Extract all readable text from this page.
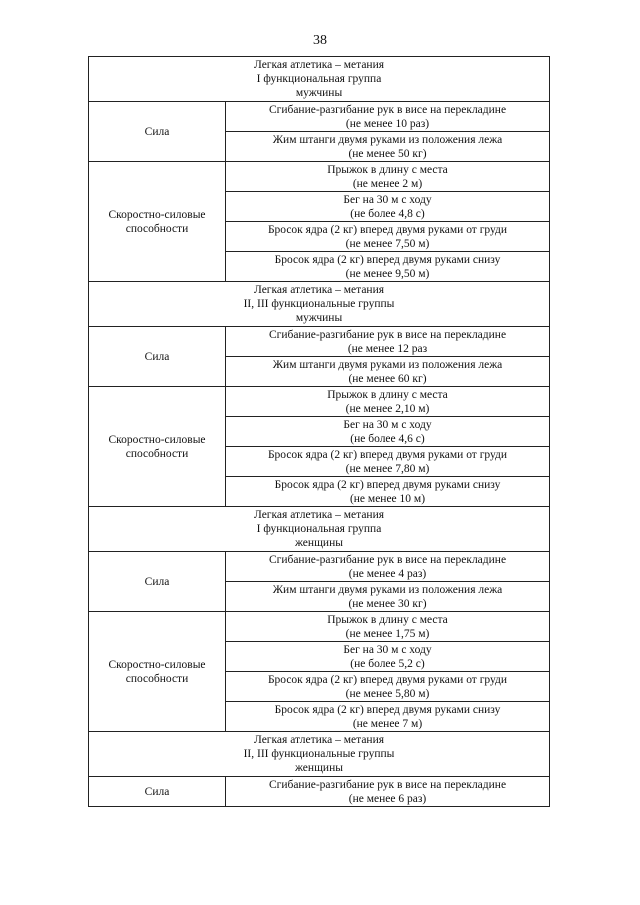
38
Легкая атлетика – метания
I функциональная группа
мужчины	

Сила	Сгибание-разгибание рук в висе на перекладине
(не менее 10 раз)

	Жим штанги двумя руками из положения лежа
(не менее 50 кг)

Скоростно-силовые
способности	Прыжок в длину с места
(не менее 2 м)

	Бег на 30 м с ходу
(не более 4,8 с)

	Бросок ядра (2 кг) вперед двумя руками от груди
(не менее 7,50 м)

	Бросок ядра (2 кг) вперед двумя руками снизу
(не менее 9,50 м)

Легкая атлетика – метания
II, III функциональные группы
мужчины	

Сила	Сгибание-разгибание рук в висе на перекладине
(не менее 12 раз

	Жим штанги двумя руками из положения лежа
(не менее 60 кг)

Скоростно-силовые
способности	Прыжок в длину с места
(не менее 2,10 м)

	Бег на 30 м с ходу
(не более 4,6 с)

	Бросок ядра (2 кг) вперед двумя руками от груди
(не менее 7,80 м)

	Бросок ядра (2 кг) вперед двумя руками снизу
(не менее 10 м)

Легкая атлетика – метания
I функциональная группа
женщины	

Сила	Сгибание-разгибание рук в висе на перекладине
(не менее 4 раз)

	Жим штанги двумя руками из положения лежа
(не менее 30 кг)

Скоростно-силовые
способности	Прыжок в длину с места
(не менее 1,75 м)

	Бег на 30 м с ходу
(не более 5,2 с)

	Бросок ядра (2 кг) вперед двумя руками от груди
(не менее 5,80 м)

	Бросок ядра (2 кг) вперед двумя руками снизу
(не менее 7 м)

Легкая атлетика – метания
II, III функциональные группы
женщины	

Сила	Сгибание-разгибание рук в висе на перекладине
(не менее 6 раз)
